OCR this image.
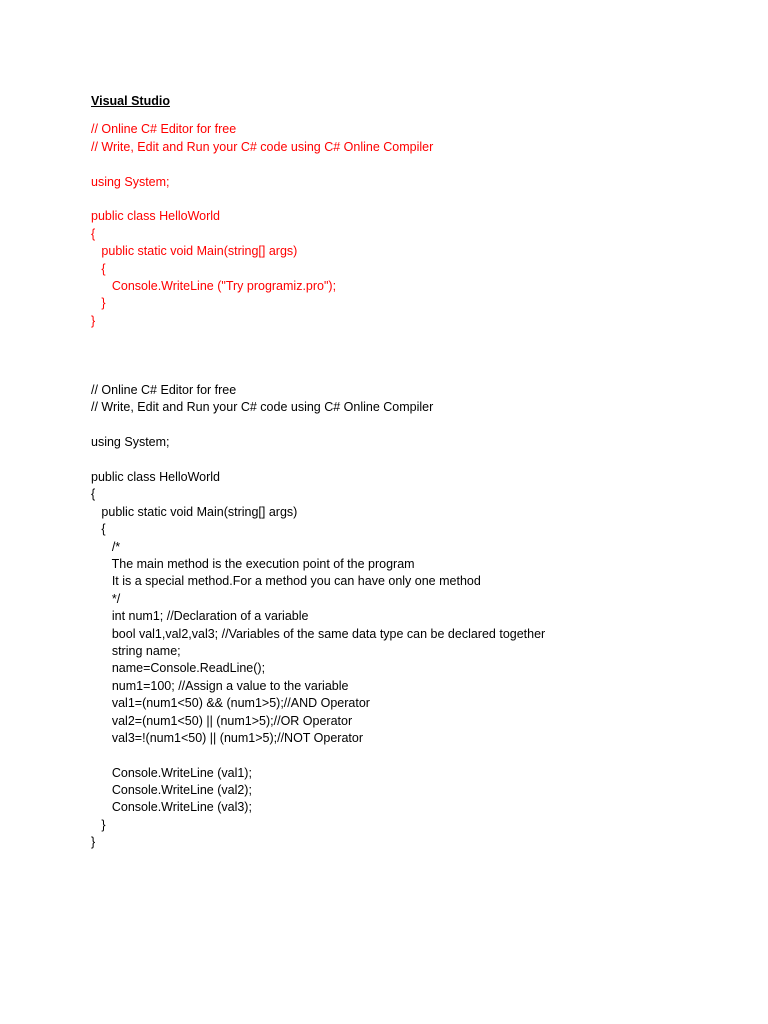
Visual Studio
// Online C# Editor for free
// Write, Edit and Run your C# code using C# Online Compiler
using System;
public class HelloWorld
{
public static void Main(string[] args)
{
Console.WriteLine ("Try programiz.pro");
}
}
// Online C# Editor for free
// Write, Edit and Run your C# code using C# Online Compiler
using System;
public class HelloWorld
{
public static void Main(string[] args)
{
/*
The main method is the execution point of the program
It is a special method.For a method you can have only one method
*/
int num1; //Declaration of a variable
bool val1,val2,val3; //Variables of the same data type can be declared together
string name;
name=Console.ReadLine();
num1=100; //Assign a value to the variable
val1=(num1<50) && (num1>5);//AND Operator
val2=(num1<50) || (num1>5);//OR Operator
val3=!(num1<50) || (num1>5);//NOT Operator
Console.WriteLine (val1);
Console.WriteLine (val2);
Console.WriteLine (val3);
}
}
